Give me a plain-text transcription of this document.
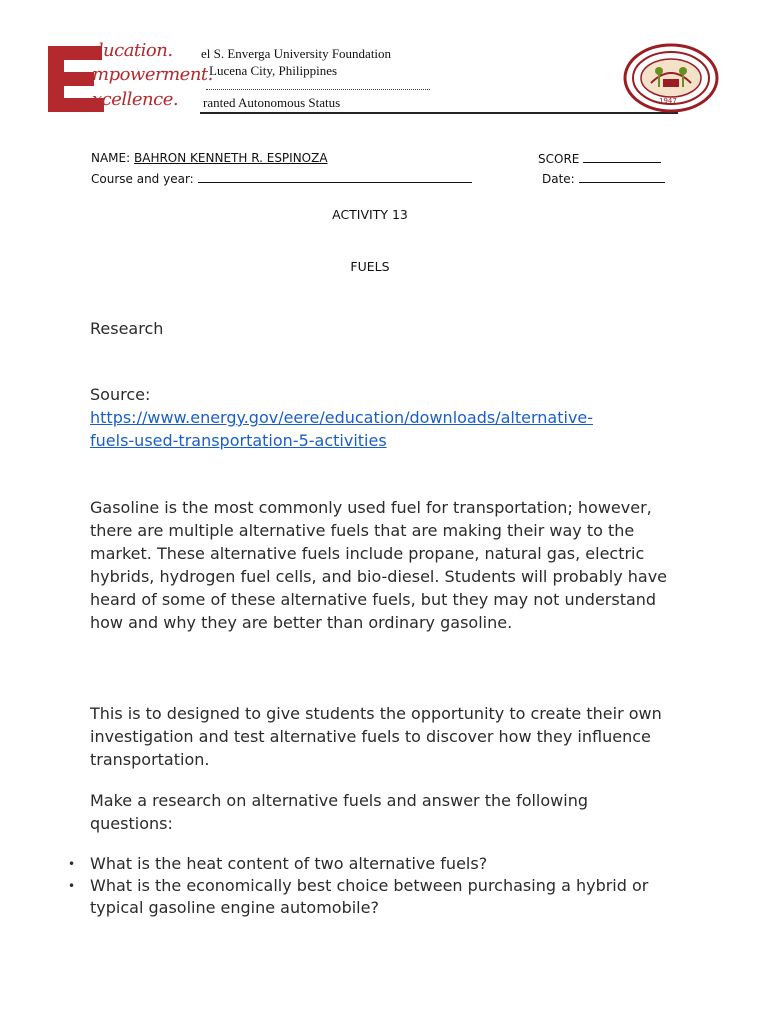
ducation.
mpowerment.
xcellence.
el S. Enverga University Foundation
Lucena City, Philippines
ranted Autonomous Status	1947
NAME: BAHRON KENNETH R. ESPINOZA	SCORE
Course and year:	Date:
ACTIVITY 13
FUELS
Research
Source:
https://www.energy.gov/eere/education/downloads/alternative-
fuels-used-transportation-5-activities
Gasoline is the most commonly used fuel for transportation; however, there are multiple alternative fuels that are making their way to the market. These alternative fuels include propane, natural gas, electric hybrids, hydrogen fuel cells, and bio-diesel. Students will probably have heard of some of these alternative fuels, but they may not understand how and why they are better than ordinary gasoline.
This is to designed to give students the opportunity to create their own investigation and test alternative fuels to discover how they influence transportation.
Make a research on alternative fuels and answer the following questions:
• What is the heat content of two alternative fuels?
• What is the economically best choice between purchasing a hybrid or typical gasoline engine automobile?
